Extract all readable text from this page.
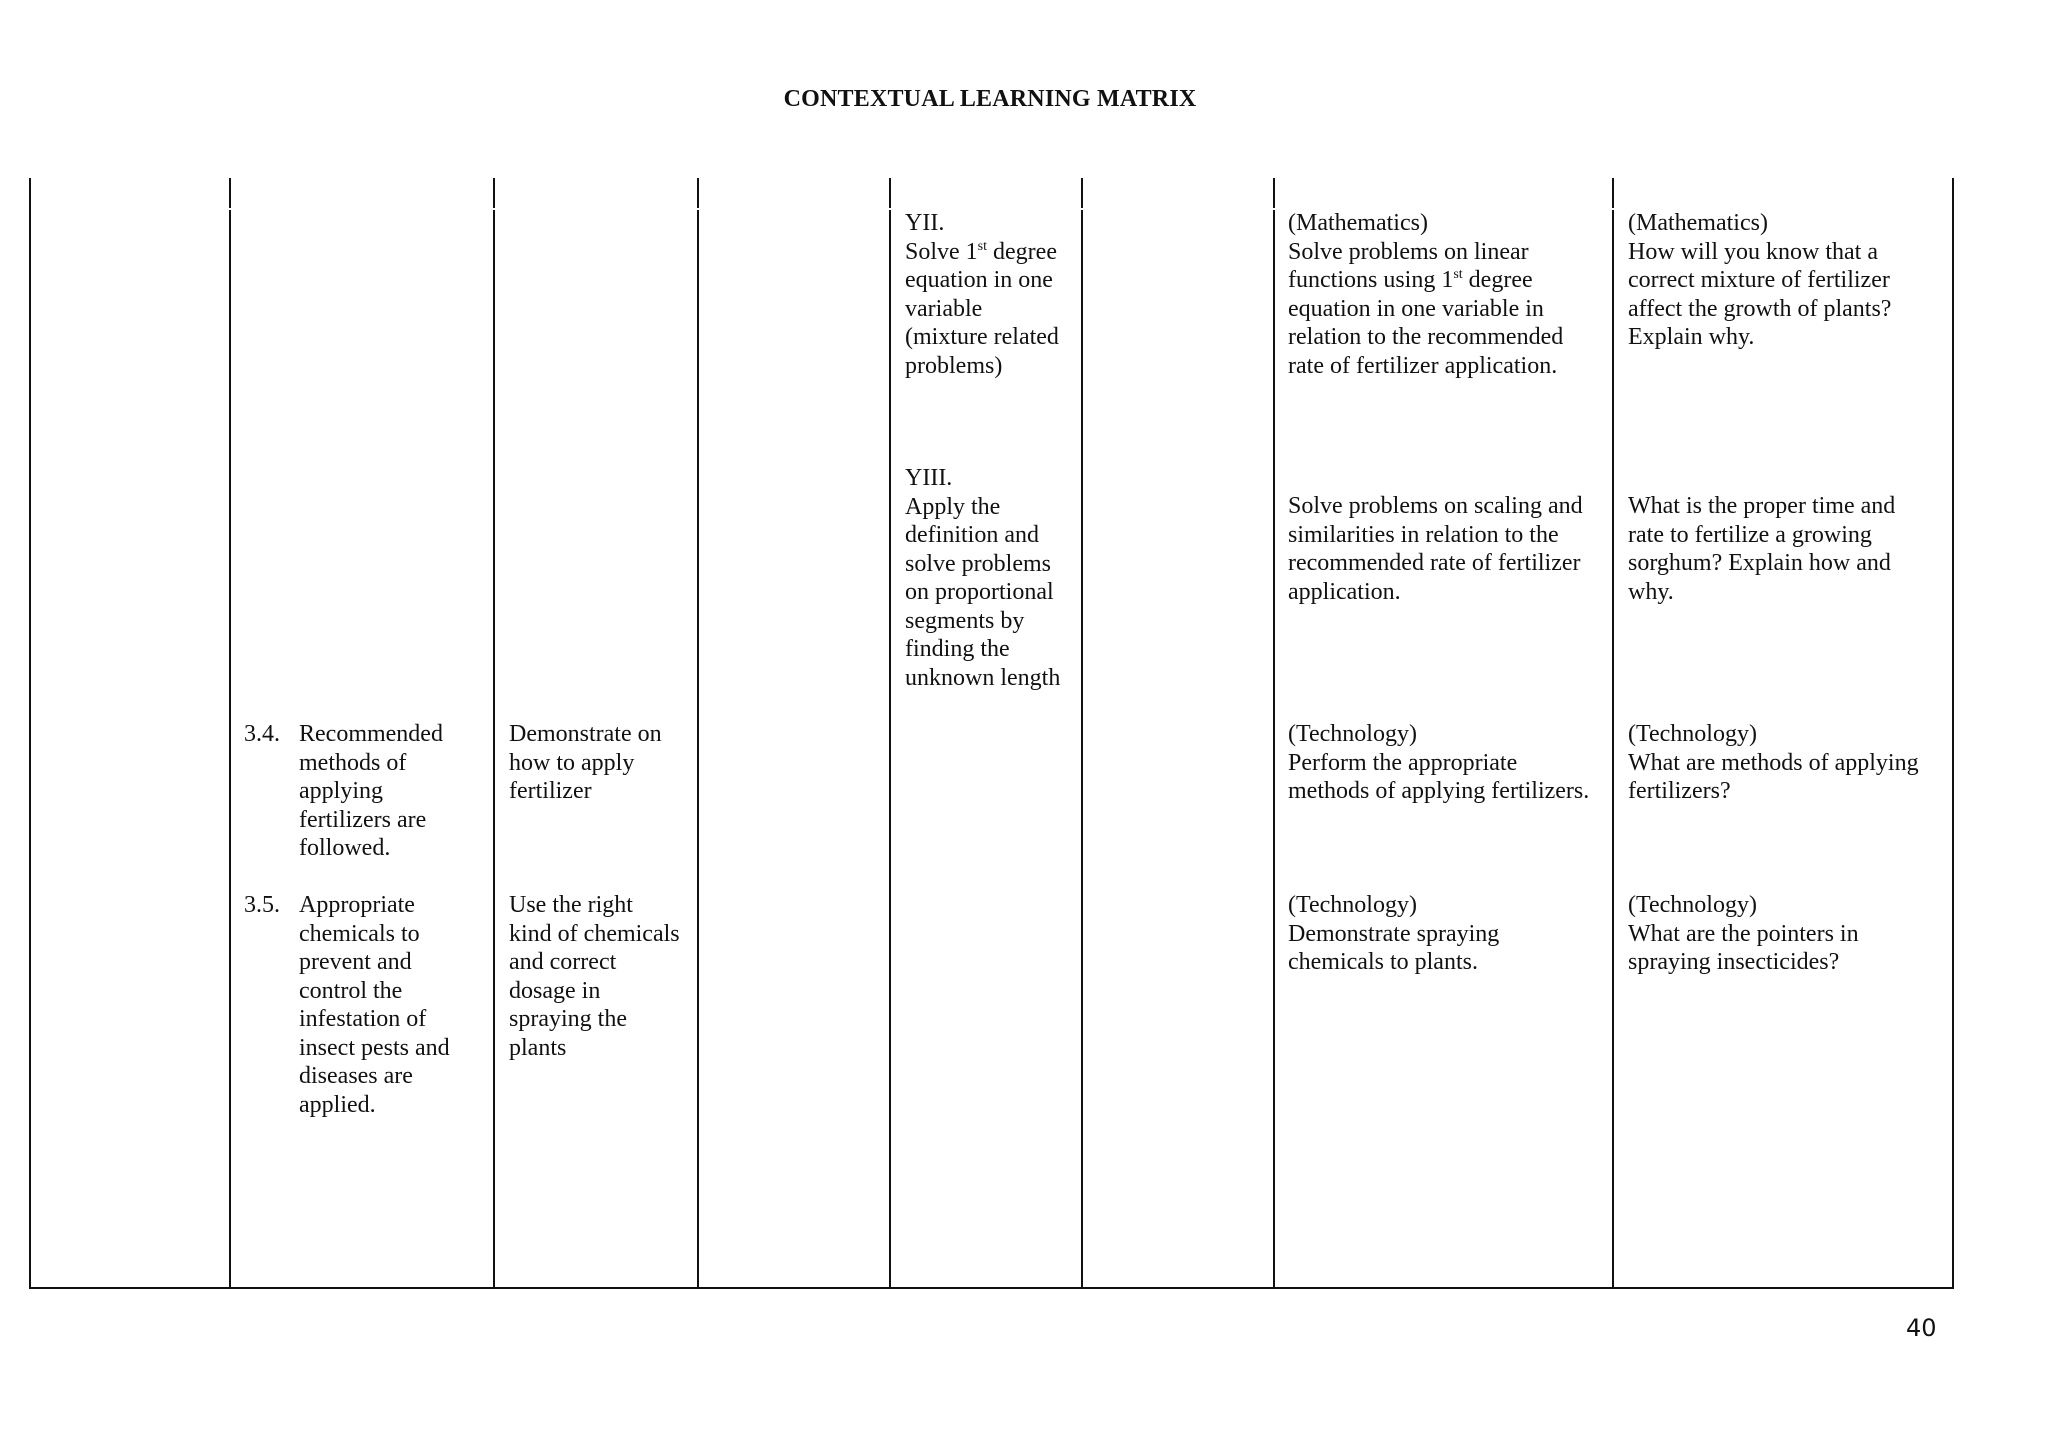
CONTEXTUAL LEARNING MATRIX
YII.
Solve 1st degree
equation in one
variable
(mixture related
problems)
(Mathematics)
Solve problems on linear
functions using 1st degree
equation in one variable in
relation to the recommended
rate of fertilizer application.
(Mathematics)
How will you know that a
correct mixture of fertilizer
affect the growth of plants?
Explain why.
YIII.
Apply the
definition and
solve problems
on proportional
segments by
finding the
unknown length
Solve problems on scaling and
similarities in relation to the
recommended rate of fertilizer
application.
What is the proper time and
rate to fertilize a growing
sorghum? Explain how and
why.
3.4. Recommended
methods of
applying
fertilizers are
followed.
Demonstrate on
how to apply
fertilizer
(Technology)
Perform the appropriate
methods of applying fertilizers.
(Technology)
What are methods of applying
fertilizers?
3.5. Appropriate
chemicals to
prevent and
control the
infestation of
insect pests and
diseases are
applied.
Use the right
kind of chemicals
and correct
dosage in
spraying the
plants
(Technology)
Demonstrate spraying
chemicals to plants.
(Technology)
What are the pointers in
spraying insecticides?
40
